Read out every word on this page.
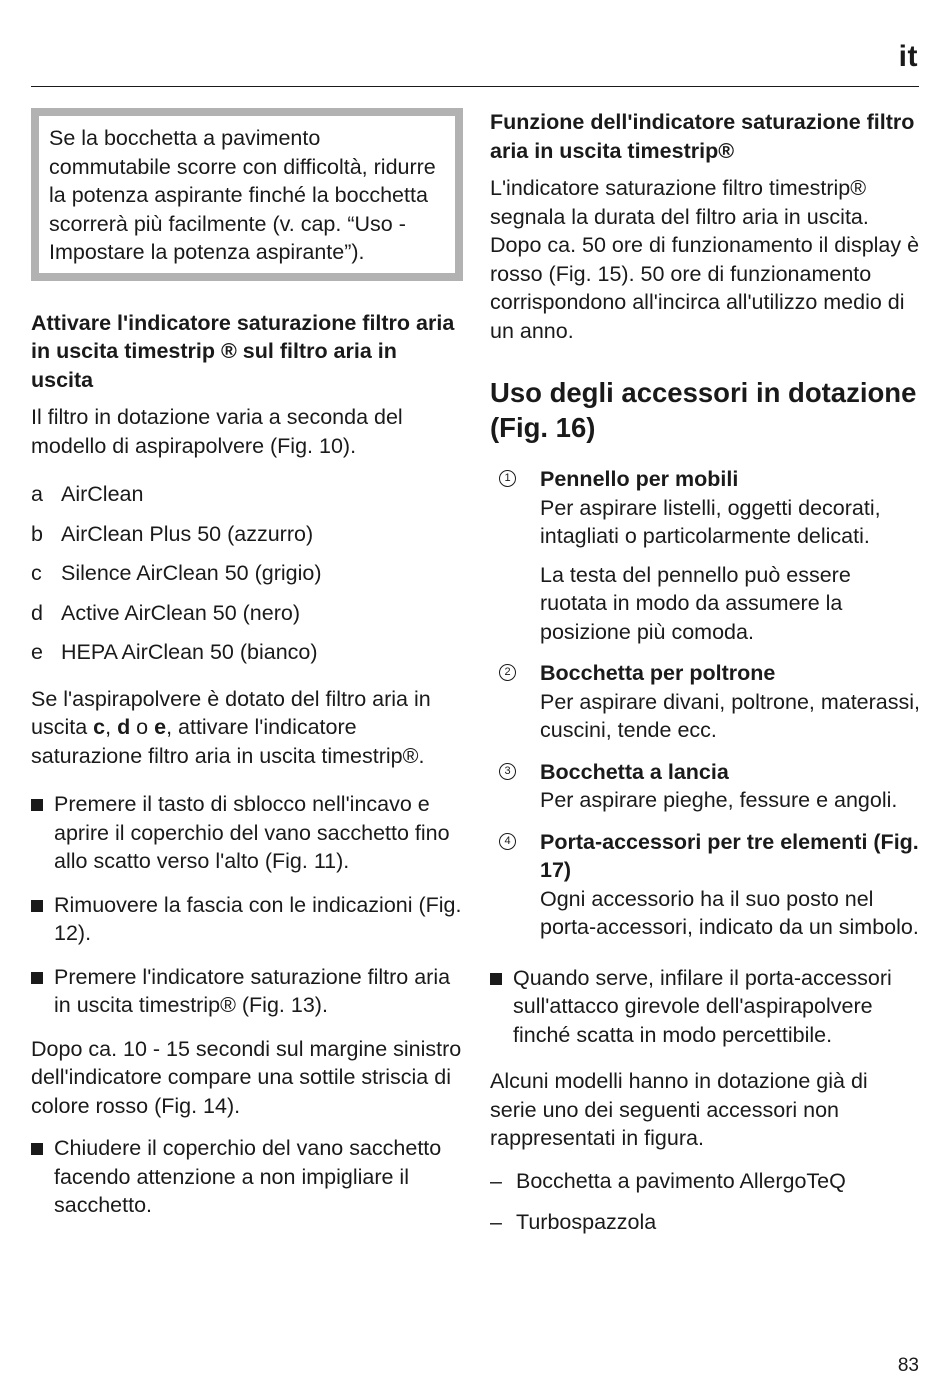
it

Se la bocchetta a pavimento commutabile scorre con difficoltà, ridurre la potenza aspirante finché la bocchetta scorrerà più facilmente (v. cap. “Uso - Impostare la potenza aspirante”).

Attivare l'indicatore saturazione filtro aria in uscita timestrip ® sul filtro aria in uscita

Il filtro in dotazione varia a seconda del modello di aspirapolvere (Fig. 10).

a AirClean
b AirClean Plus 50 (azzurro)
c Silence AirClean 50 (grigio)
d Active AirClean 50 (nero)
e HEPA AirClean 50 (bianco)

Se l'aspirapolvere è dotato del filtro aria in uscita c, d o e, attivare l'indicatore saturazione filtro aria in uscita timestrip®.

Premere il tasto di sblocco nell'incavo e aprire il coperchio del vano sacchetto fino allo scatto verso l'alto (Fig. 11).
Rimuovere la fascia con le indicazioni (Fig. 12).
Premere l'indicatore saturazione filtro aria in uscita timestrip® (Fig. 13).

Dopo ca. 10 - 15 secondi sul margine sinistro dell'indicatore compare una sottile striscia di colore rosso (Fig. 14).

Chiudere il coperchio del vano sacchetto facendo attenzione a non impigliare il sacchetto.

Funzione dell'indicatore saturazione filtro aria in uscita timestrip®

L'indicatore saturazione filtro timestrip® segnala la durata del filtro aria in uscita. Dopo ca. 50 ore di funzionamento il display è rosso (Fig. 15). 50 ore di funzionamento corrispondono all'incirca all'utilizzo medio di un anno.

Uso degli accessori in dotazione (Fig. 16)

1 Pennello per mobili
Per aspirare listelli, oggetti decorati, intagliati o particolarmente delicati.
La testa del pennello può essere ruotata in modo da assumere la posizione più comoda.
2 Bocchetta per poltrone
Per aspirare divani, poltrone, materassi, cuscini, tende ecc.
3 Bocchetta a lancia
Per aspirare pieghe, fessure e angoli.
4 Porta-accessori per tre elementi (Fig. 17)
Ogni accessorio ha il suo posto nel porta-accessori, indicato da un simbolo.
Quando serve, infilare il porta-accessori sull'attacco girevole dell'aspirapolvere finché scatta in modo percettibile.

Alcuni modelli hanno in dotazione già di serie uno dei seguenti accessori non rappresentati in figura.

– Bocchetta a pavimento AllergoTeQ
– Turbospazzola
83
